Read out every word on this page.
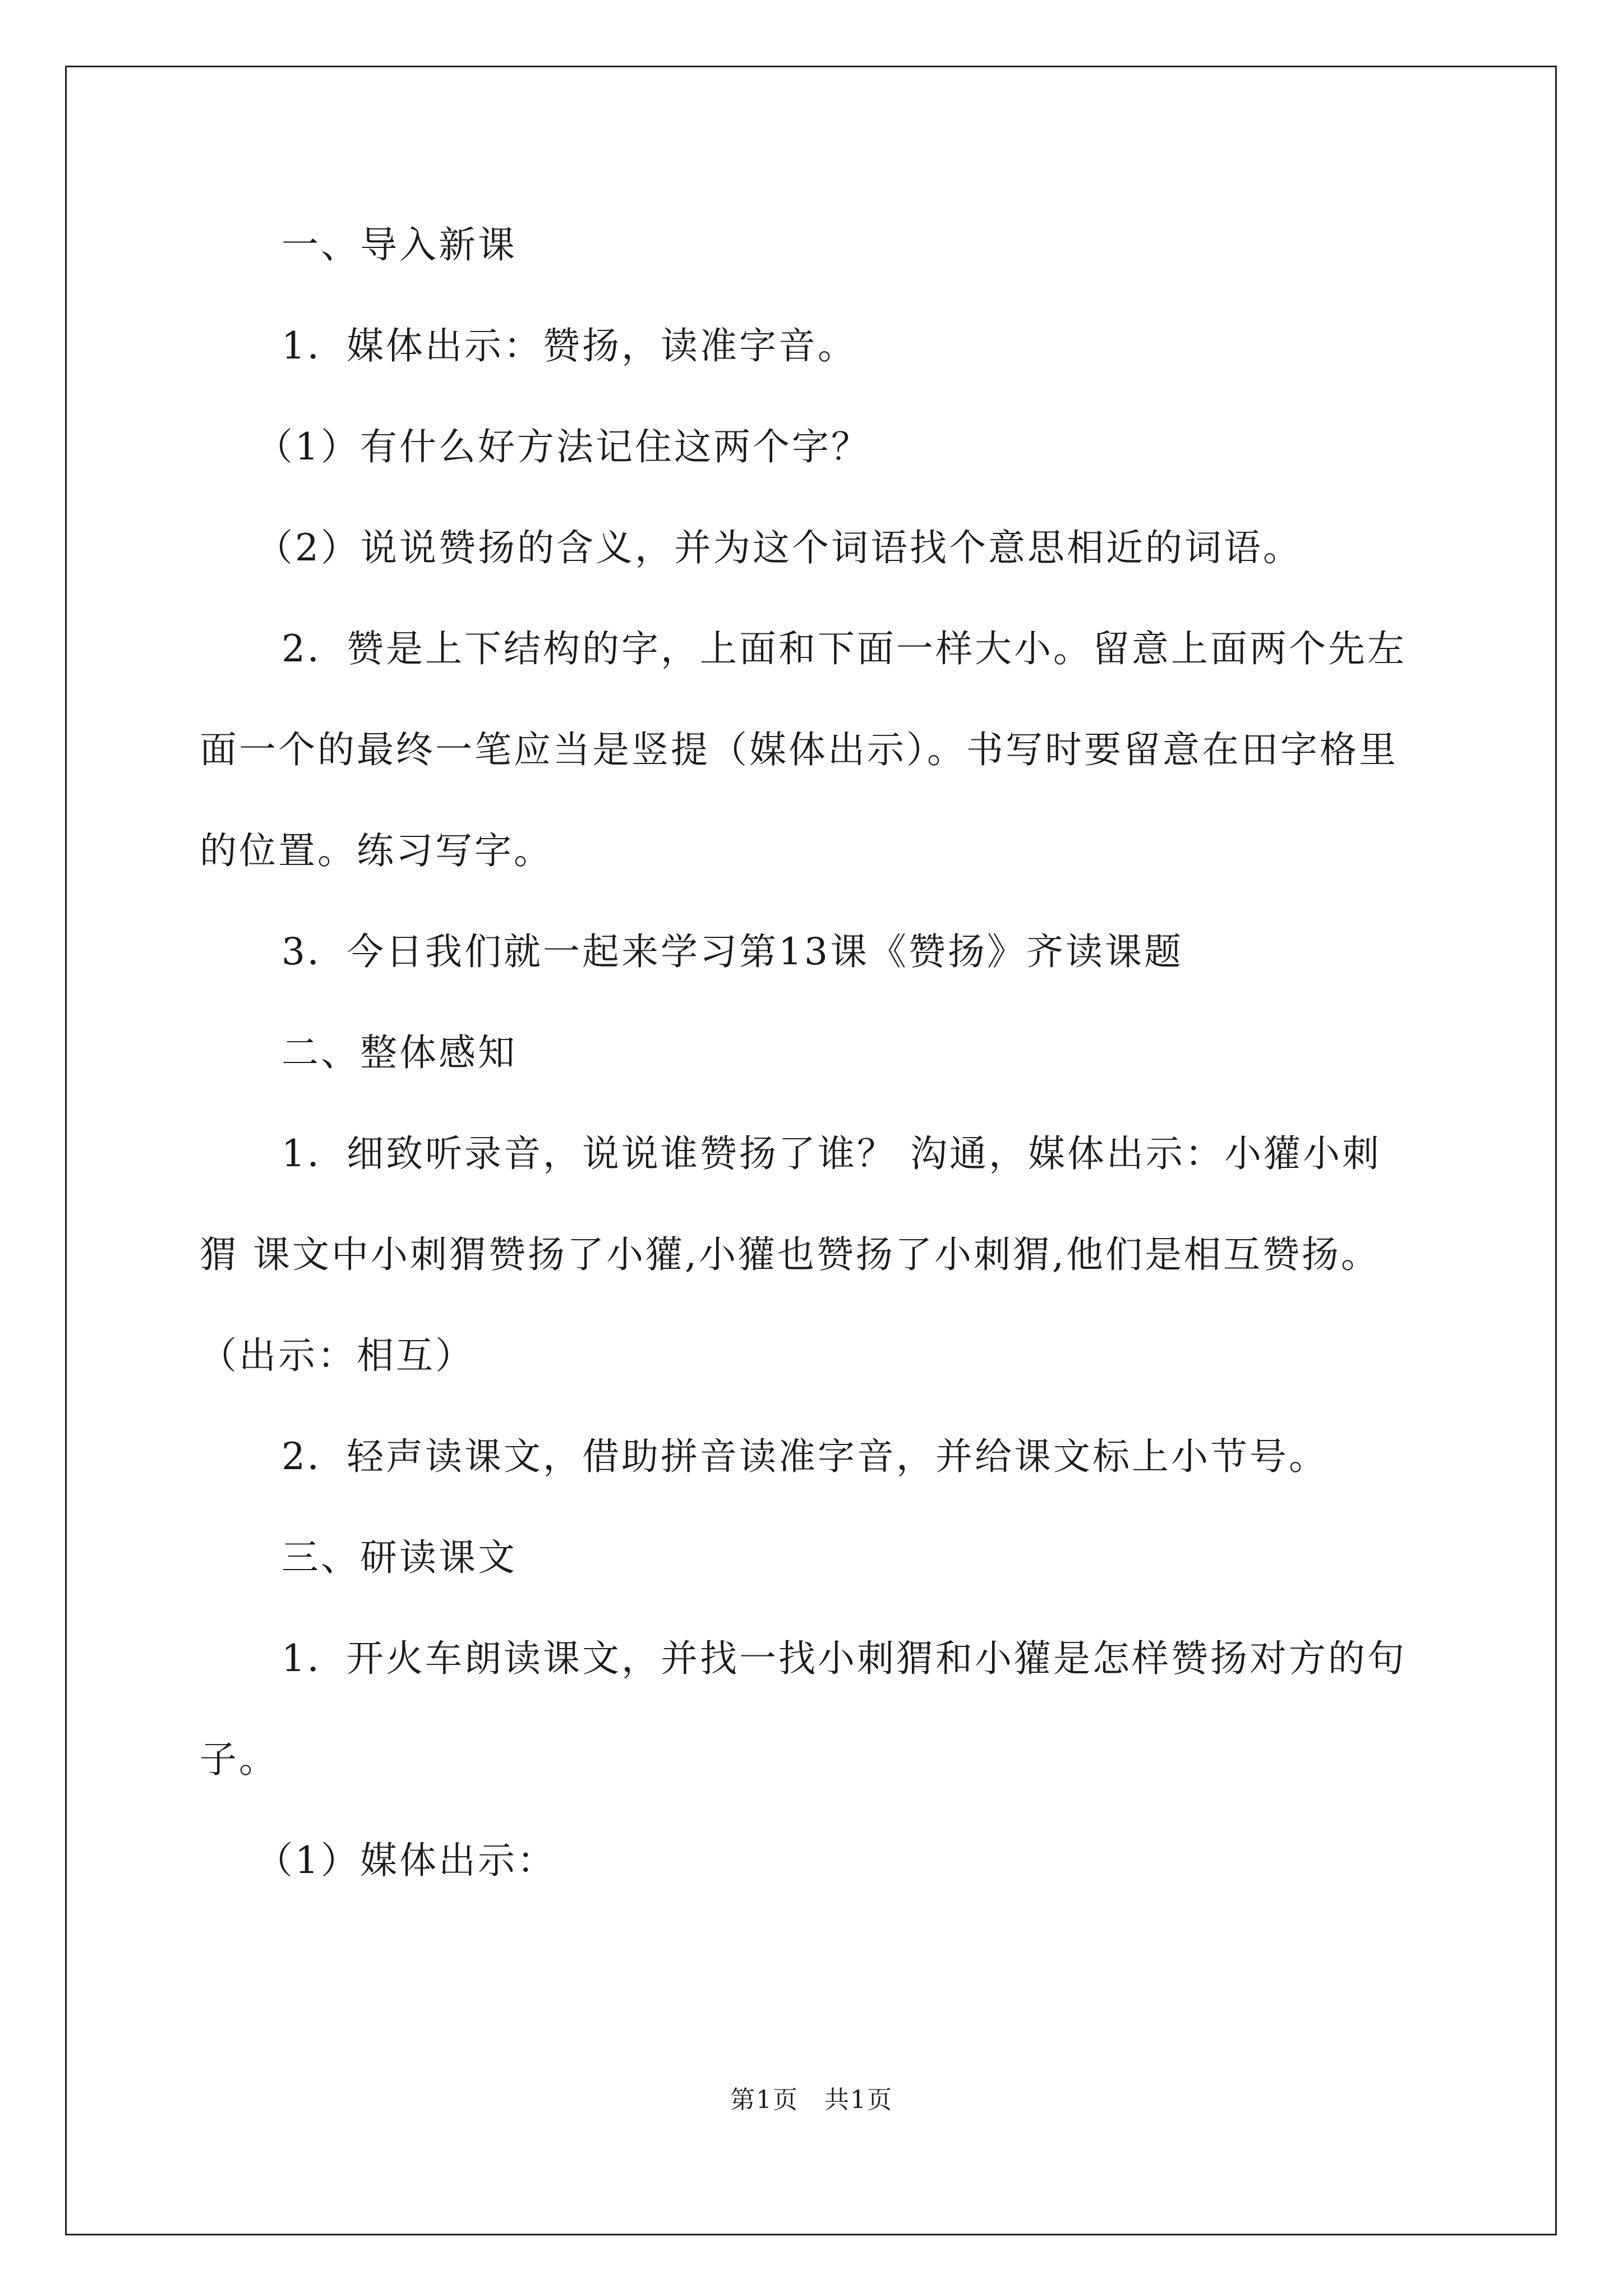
一、导入新课
1．媒体出示：赞扬，读准字音。
（1）有什么好方法记住这两个字？
（2）说说赞扬的含义，并为这个词语找个意思相近的词语。
2．赞是上下结构的字，上面和下面一样大小。留意上面两个先左
面一个的最终一笔应当是竖提（媒体出示）。书写时要留意在田字格里
的位置。练习写字。
3．今日我们就一起来学习第13课《赞扬》齐读课题
二、整体感知
1．细致听录音，说说谁赞扬了谁？ 沟通，媒体出示：小獾小刺
猬 课文中小刺猬赞扬了小獾,小獾也赞扬了小刺猬,他们是相互赞扬。
（出示：相互）
2．轻声读课文，借助拼音读准字音，并给课文标上小节号。
三、研读课文
1．开火车朗读课文，并找一找小刺猬和小獾是怎样赞扬对方的句
子。
（1）媒体出示：
第1页　共1页
